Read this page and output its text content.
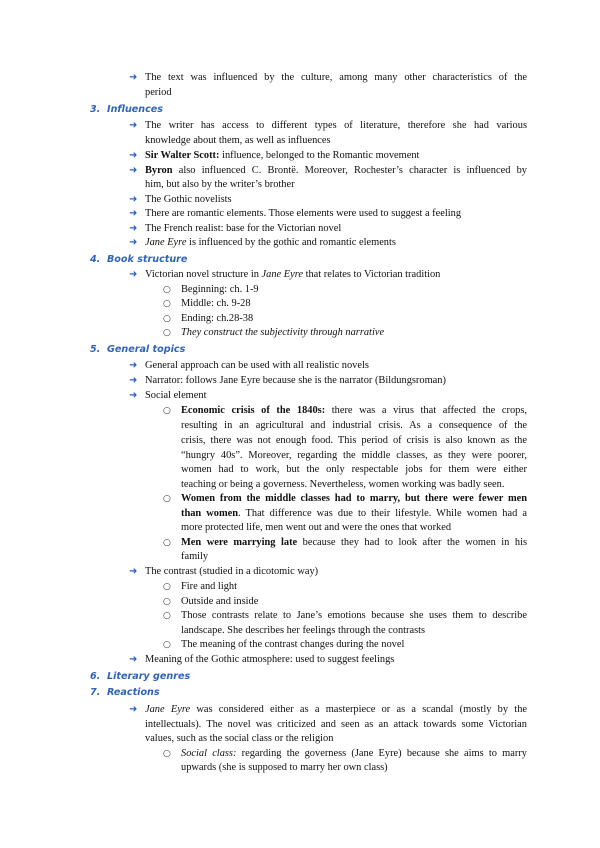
➜ The text was influenced by the culture, among many other characteristics of the
period
3. Influences
➜ The writer has access to different types of literature, therefore she had various
knowledge about them, as well as influences
➜ Sir Walter Scott: influence, belonged to the Romantic movement
➜ Byron also influenced C. Brontë. Moreover, Rochester’s character is influenced by
him, but also by the writer’s brother
➜ The Gothic novelists
➜ There are romantic elements. Those elements were used to suggest a feeling
➜ The French realist: base for the Victorian novel
➜ Jane Eyre is influenced by the gothic and romantic elements
4. Book structure
➜ Victorian novel structure in Jane Eyre that relates to Victorian tradition
○ Beginning: ch. 1-9
○ Middle: ch. 9-28
○ Ending: ch.28-38
○ They construct the subjectivity through narrative
5. General topics
➜ General approach can be used with all realistic novels
➜ Narrator: follows Jane Eyre because she is the narrator (Bildungsroman)
➜ Social element
○ Economic crisis of the 1840s: there was a virus that affected the crops,
resulting in an agricultural and industrial crisis. As a consequence of the
crisis, there was not enough food. This period of crisis is also known as the
“hungry 40s”. Moreover, regarding the middle classes, as they were poorer,
women had to work, but the only respectable jobs for them were either
teaching or being a governess. Nevertheless, women working was badly seen.
○ Women from the middle classes had to marry, but there were fewer men
than women. That difference was due to their lifestyle. While women had a
more protected life, men went out and were the ones that worked
○ Men were marrying late because they had to look after the women in his
family
➜ The contrast (studied in a dicotomic way)
○ Fire and light
○ Outside and inside
○ Those contrasts relate to Jane’s emotions because she uses them to describe
landscape. She describes her feelings through the contrasts
○ The meaning of the contrast changes during the novel
➜ Meaning of the Gothic atmosphere: used to suggest feelings
6. Literary genres
7. Reactions
➜ Jane Eyre was considered either as a masterpiece or as a scandal (mostly by the
intellectuals). The novel was criticized and seen as an attack towards some Victorian
values, such as the social class or the religion
○ Social class: regarding the governess (Jane Eyre) because she aims to marry
upwards (she is supposed to marry her own class)
